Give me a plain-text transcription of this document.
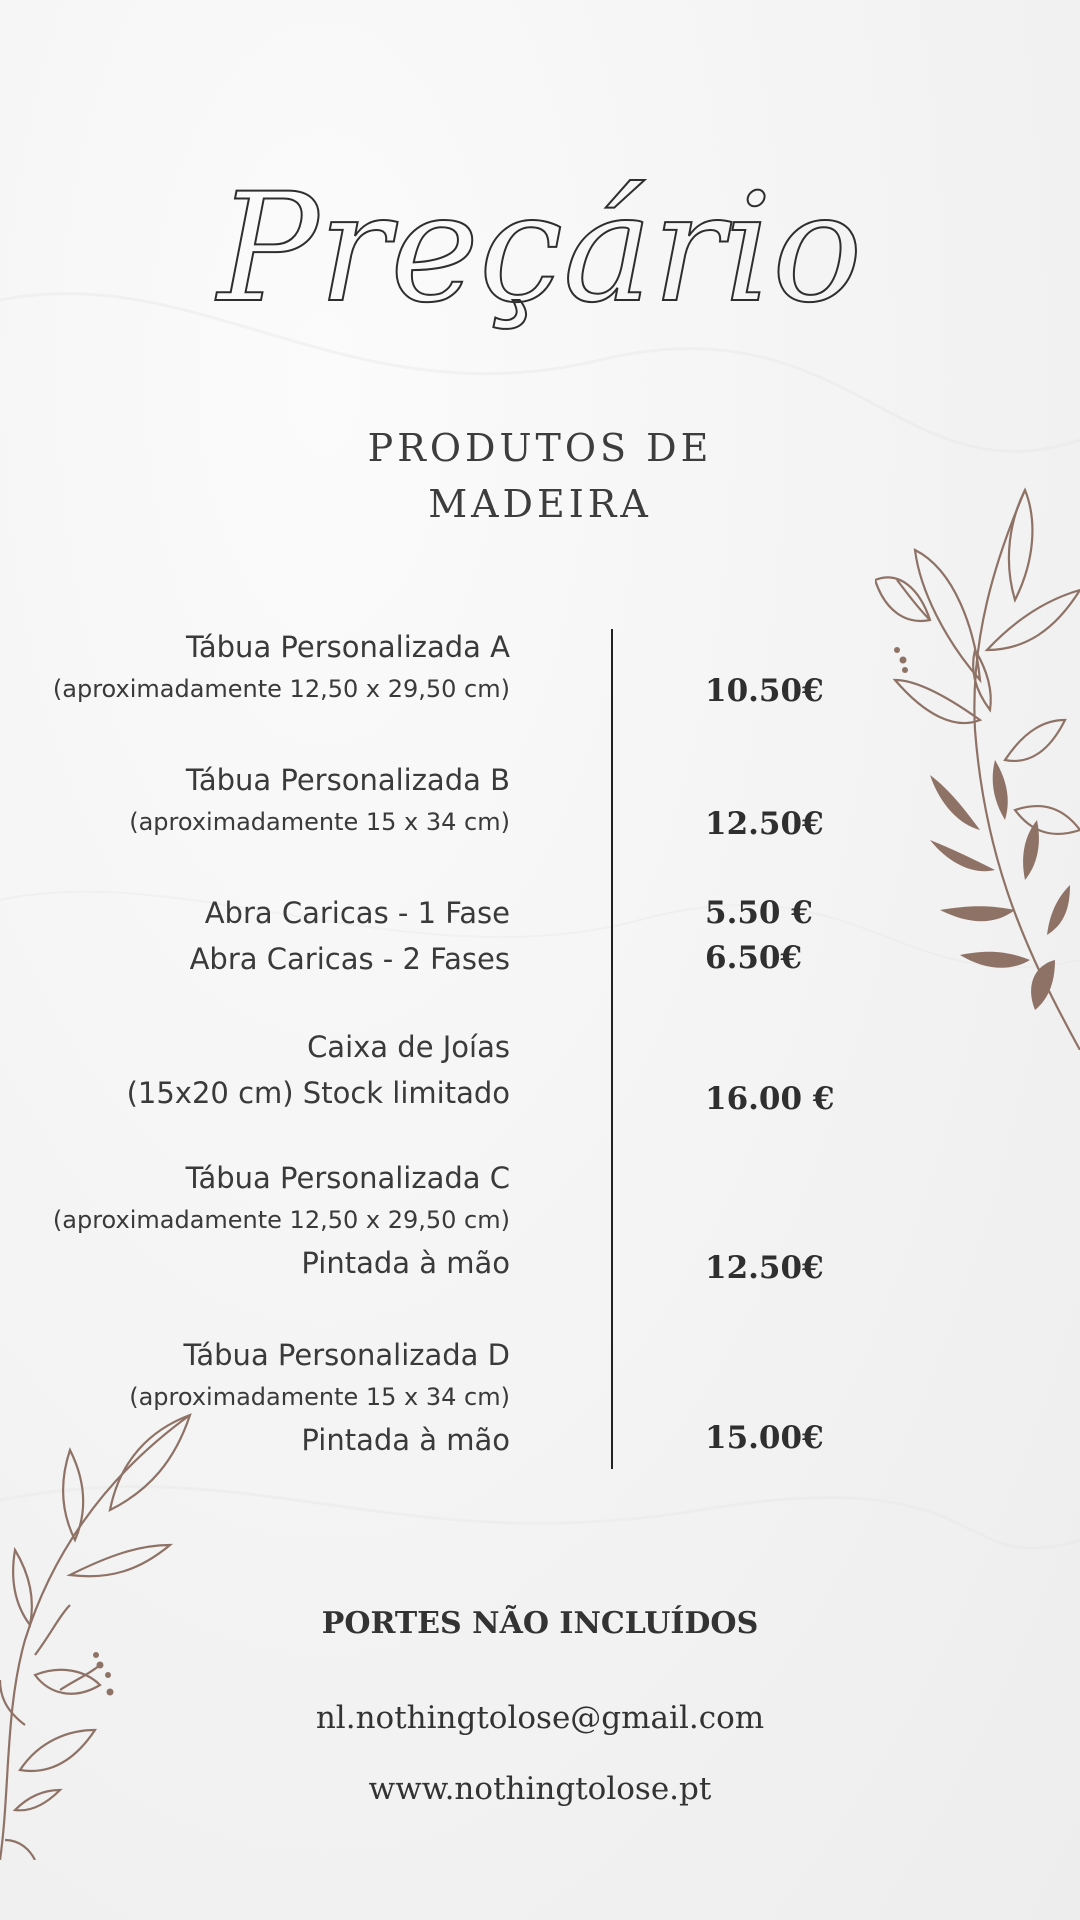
Preçário
PRODUTOS DE
MADEIRA
Tábua Personalizada A
(aproximadamente 12,50 x 29,50 cm)	10.50€
Tábua Personalizada B
(aproximadamente 15 x 34 cm)	12.50€
Abra Caricas - 1 Fase	5.50 €
Abra Caricas - 2 Fases	6.50€
Caixa de Joías
(15x20 cm) Stock limitado	16.00 €
Tábua Personalizada C
(aproximadamente 12,50 x 29,50 cm)
Pintada à mão	12.50€
Tábua Personalizada D
(aproximadamente 15 x 34 cm)
Pintada à mão	15.00€
PORTES NÃO INCLUÍDOS
nl.nothingtolose@gmail.com
www.nothingtolose.pt
